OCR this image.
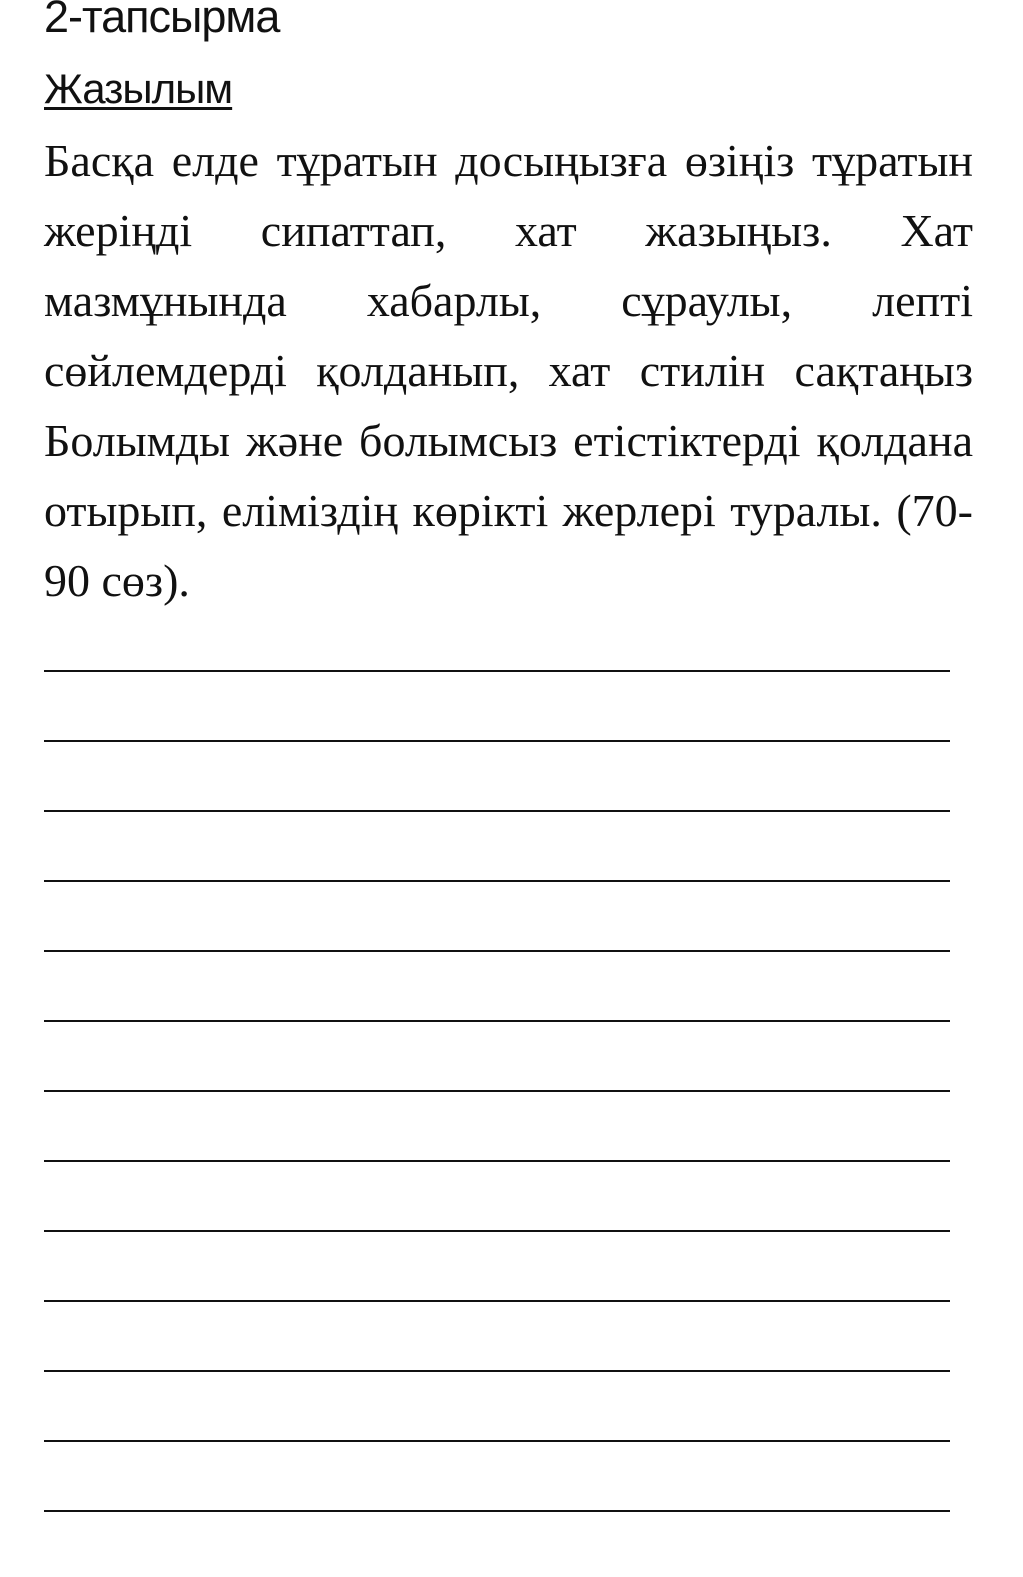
2-тапсырма
Жазылым

Басқа елде тұратын досыңызға өзіңіз тұратын жеріңді сипаттап, хат жазыңыз. Хат мазмұнында хабарлы, сұраулы, лепті сөйлемдерді қолданып, хат стилін сақтаңыз Болымды және болымсыз етістіктерді қолдана отырып, еліміздің көрікті жерлері туралы. (70-90 сөз).
